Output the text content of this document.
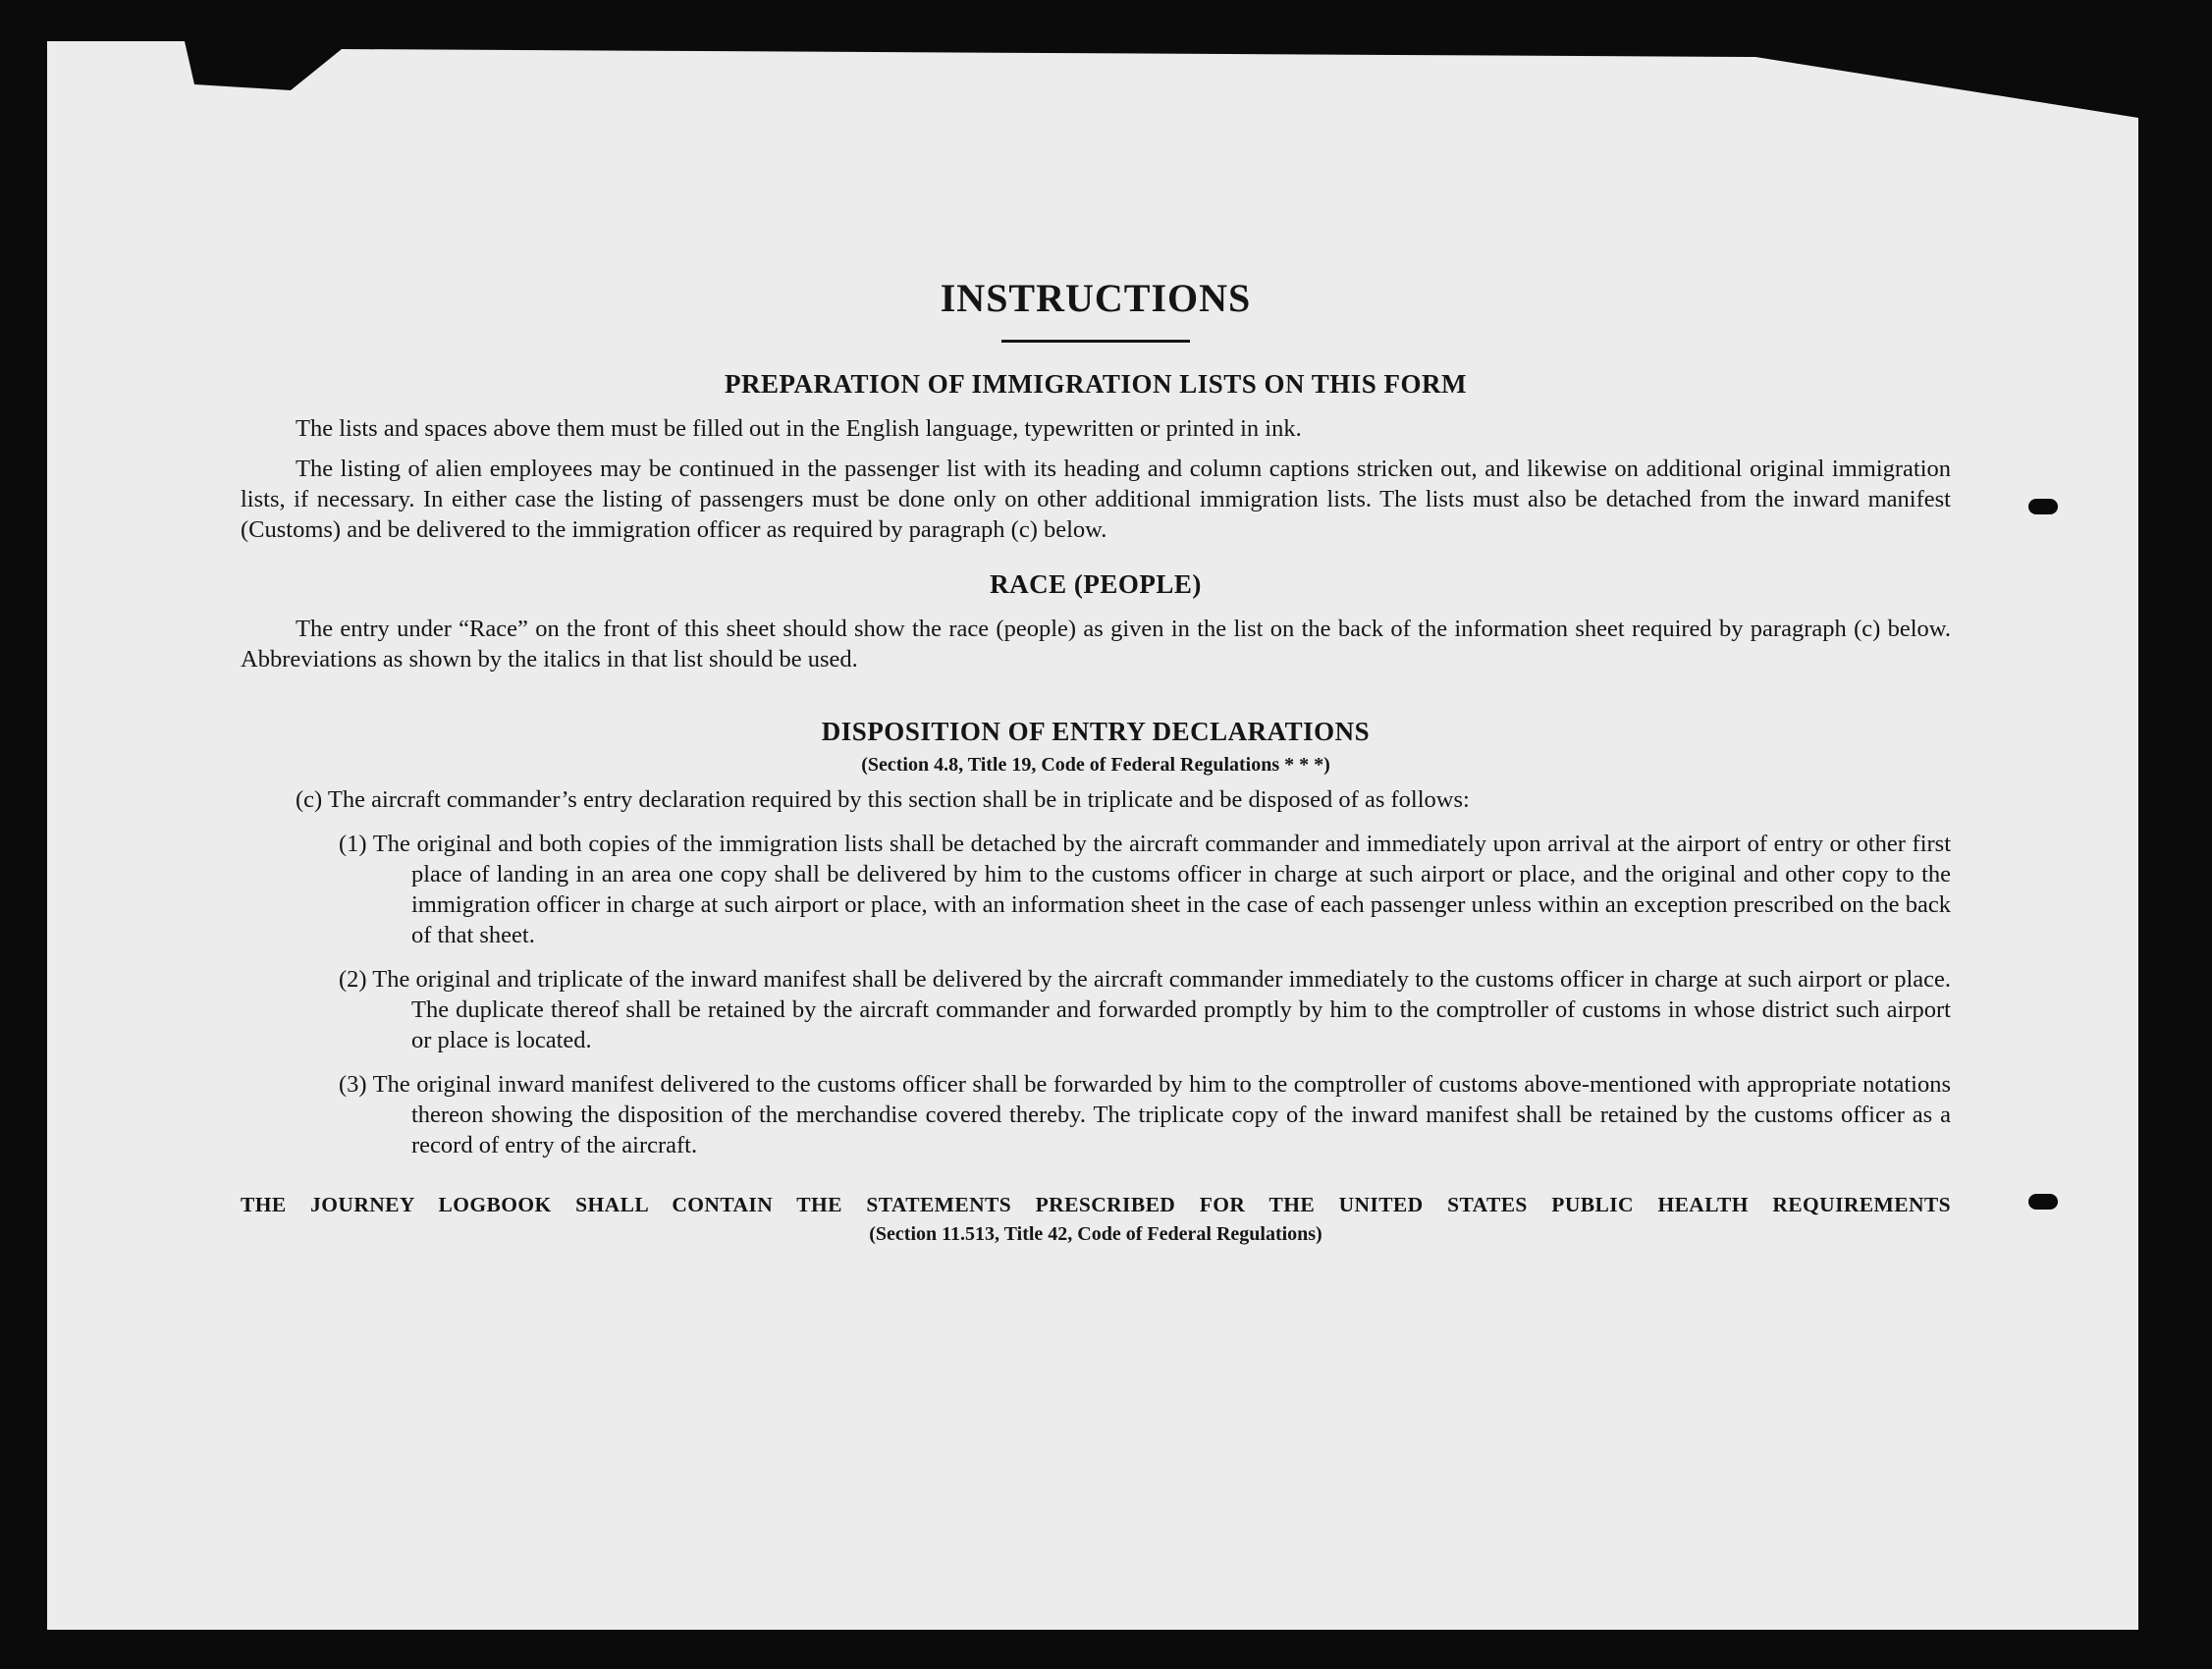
INSTRUCTIONS
PREPARATION OF IMMIGRATION LISTS ON THIS FORM

The lists and spaces above them must be filled out in the English language, typewritten or printed in ink.

The listing of alien employees may be continued in the passenger list with its heading and column captions stricken out, and likewise on additional original immigration lists, if necessary. In either case the listing of passengers must be done only on other additional immigration lists. The lists must also be detached from the inward manifest (Customs) and be delivered to the immigration officer as required by paragraph (c) below.

RACE (PEOPLE)

The entry under “Race” on the front of this sheet should show the race (people) as given in the list on the back of the information sheet required by paragraph (c) below. Abbreviations as shown by the italics in that list should be used.

DISPOSITION OF ENTRY DECLARATIONS
(Section 4.8, Title 19, Code of Federal Regulations * * *)

(c) The aircraft commander’s entry declaration required by this section shall be in triplicate and be disposed of as follows:

(1) The original and both copies of the immigration lists shall be detached by the aircraft commander and immediately upon arrival at the airport of entry or other first place of landing in an area one copy shall be delivered by him to the customs officer in charge at such airport or place, and the original and other copy to the immigration officer in charge at such airport or place, with an information sheet in the case of each passenger unless within an exception prescribed on the back of that sheet.
(2) The original and triplicate of the inward manifest shall be delivered by the aircraft commander immediately to the customs officer in charge at such airport or place. The duplicate thereof shall be retained by the aircraft commander and forwarded promptly by him to the comptroller of customs in whose district such airport or place is located.
(3) The original inward manifest delivered to the customs officer shall be forwarded by him to the comptroller of customs above-mentioned with appropriate notations thereon showing the disposition of the merchandise covered thereby. The triplicate copy of the inward manifest shall be retained by the customs officer as a record of entry of the aircraft.
THE JOURNEY LOGBOOK SHALL CONTAIN THE STATEMENTS PRESCRIBED FOR THE UNITED STATES PUBLIC HEALTH REQUIREMENTS
(Section 11.513, Title 42, Code of Federal Regulations)
